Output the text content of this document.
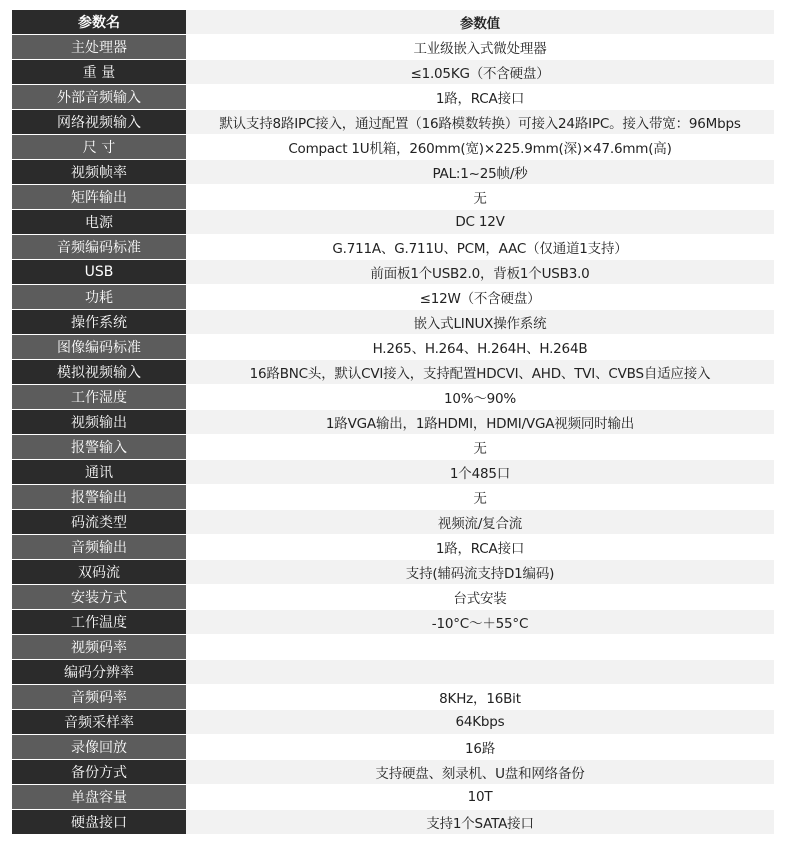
参数名	参数值
主处理器	工业级嵌入式微处理器
重 量	≤1.05KG（不含硬盘）
外部音频输入	1路，RCA接口
网络视频输入	默认支持8路IPC接入，通过配置（16路模数转换）可接入24路IPC。接入带宽：96Mbps
尺 寸	Compact 1U机箱，260mm(宽)×225.9mm(深)×47.6mm(高)
视频帧率	PAL:1~25帧/秒
矩阵输出	无
电源	DC 12V
音频编码标准	G.711A、G.711U、PCM，AAC（仅通道1支持）
USB	前面板1个USB2.0，背板1个USB3.0
功耗	≤12W（不含硬盘）
操作系统	嵌入式LINUX操作系统
图像编码标准	H.265、H.264、H.264H、H.264B
模拟视频输入	16路BNC头，默认CVI接入，支持配置HDCVI、AHD、TVI、CVBS自适应接入
工作湿度	10%～90%
视频输出	1路VGA输出，1路HDMI，HDMI/VGA视频同时输出
报警输入	无
通讯	1个485口
报警输出	无
码流类型	视频流/复合流
音频输出	1路，RCA接口
双码流	支持(辅码流支持D1编码)
安装方式	台式安装
工作温度	-10°C～＋55°C
视频码率
编码分辨率
音频码率	8KHz，16Bit
音频采样率	64Kbps
录像回放	16路
备份方式	支持硬盘、刻录机、U盘和网络备份
单盘容量	10T
硬盘接口	支持1个SATA接口
